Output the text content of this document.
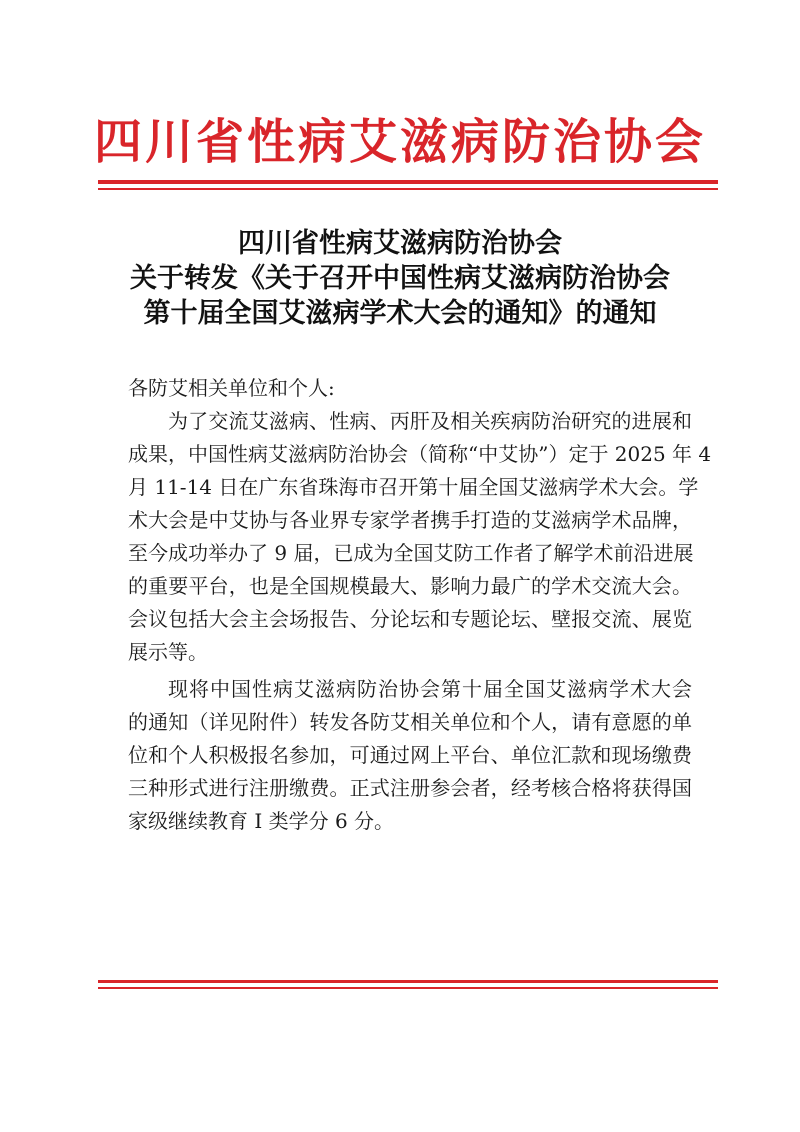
四川省性病艾滋病防治协会
四川省性病艾滋病防治协会
关于转发《关于召开中国性病艾滋病防治协会
第十届全国艾滋病学术大会的通知》的通知
各防艾相关单位和个人:
为了交流艾滋病、性病、丙肝及相关疾病防治研究的进展和
成果，中国性病艾滋病防治协会（简称“中艾协”）定于 2025 年 4
月 11-14 日在广东省珠海市召开第十届全国艾滋病学术大会。学
术大会是中艾协与各业界专家学者携手打造的艾滋病学术品牌，
至今成功举办了 9 届，已成为全国艾防工作者了解学术前沿进展
的重要平台，也是全国规模最大、影响力最广的学术交流大会。
会议包括大会主会场报告、分论坛和专题论坛、壁报交流、展览
展示等。
现将中国性病艾滋病防治协会第十届全国艾滋病学术大会
的通知（详见附件）转发各防艾相关单位和个人，请有意愿的单
位和个人积极报名参加，可通过网上平台、单位汇款和现场缴费
三种形式进行注册缴费。正式注册参会者，经考核合格将获得国
家级继续教育 I 类学分 6 分。
